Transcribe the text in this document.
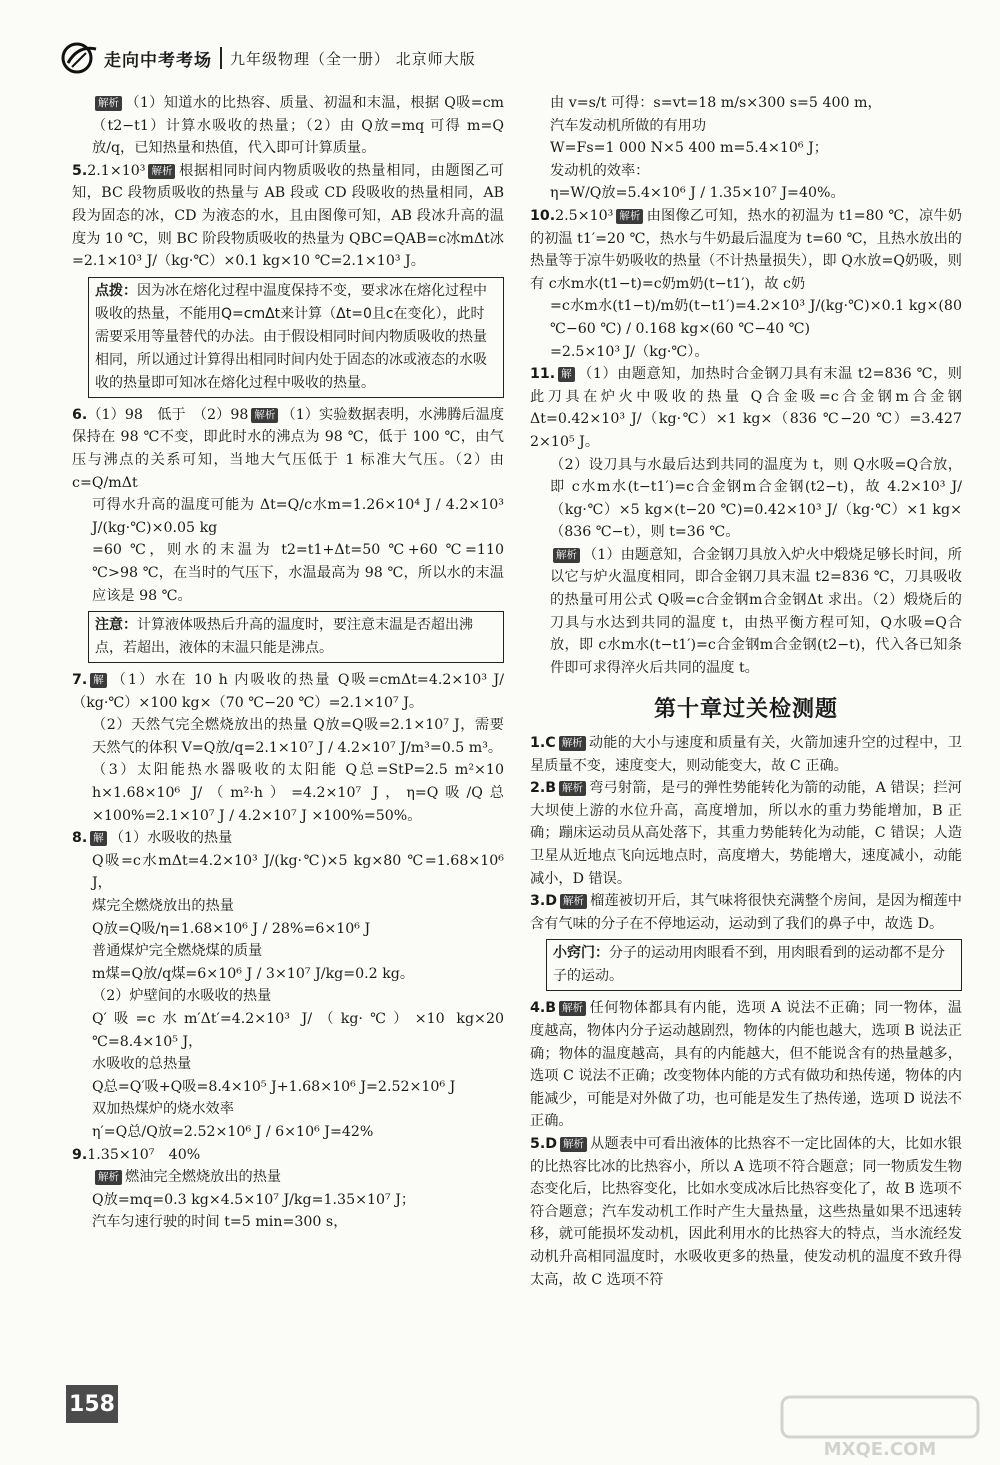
走向中考考场 九年级物理（全一册） 北京师大版

解析 （1）知道水的比热容、质量、初温和末温，根据 Q吸=cm（t2−t1）计算水吸收的热量；（2）由 Q放=mq 可得 m=Q放/q，已知热量和热值，代入即可计算质量。

5.2.1×10³ 解析 根据相同时间内物质吸收的热量相同，由题图乙可知，BC 段物质吸收的热量与 AB 段或 CD 段吸收的热量相同，AB 段为固态的冰，CD 为液态的水，且由图像可知，AB 段冰升高的温度为 10 ℃，则 BC 阶段物质吸收的热量为 QBC=QAB=c冰mΔt冰=2.1×10³ J/（kg·℃）×0.1 kg×10 ℃=2.1×10³ J。

点拨：因为冰在熔化过程中温度保持不变，要求冰在熔化过程中吸收的热量，不能用Q=cmΔt来计算（Δt=0且c在变化），此时需要采用等量替代的办法。由于假设相同时间内物质吸收的热量相同，所以通过计算得出相同时间内处于固态的冰或液态的水吸收的热量即可知冰在熔化过程中吸收的热量。

6.（1）98　低于　（2）98 解析 （1）实验数据表明，水沸腾后温度保持在 98 ℃不变，即此时水的沸点为 98 ℃，低于 100 ℃，由气压与沸点的关系可知，当地大气压低于 1 标准大气压。（2）由 c=Q/mΔt

可得水升高的温度可能为 Δt=Q/c水m=1.26×10⁴ J / 4.2×10³ J/(kg·℃)×0.05 kg

=60 ℃，则水的末温为 t2=t1+Δt=50 ℃+60 ℃=110 ℃>98 ℃，在当时的气压下，水温最高为 98 ℃，所以水的末温应该是 98 ℃。

注意：计算液体吸热后升高的温度时，要注意末温是否超出沸点，若超出，液体的末温只能是沸点。

7. 解 （1）水在 10 h 内吸收的热量 Q吸=cmΔt=4.2×10³ J/（kg·℃）×100 kg×（70 ℃−20 ℃）=2.1×10⁷ J。

（2）天然气完全燃烧放出的热量 Q放=Q吸=2.1×10⁷ J，需要天然气的体积 V=Q放/q=2.1×10⁷ J / 4.2×10⁷ J/m³=0.5 m³。

（3）太阳能热水器吸收的太阳能 Q总=StP=2.5 m²×10 h×1.68×10⁶ J/（m²·h）=4.2×10⁷ J，η=Q吸/Q总×100%=2.1×10⁷ J / 4.2×10⁷ J ×100%=50%。

8. 解 （1）水吸收的热量

Q吸=c水mΔt=4.2×10³ J/(kg·℃)×5 kg×80 ℃=1.68×10⁶ J，

煤完全燃烧放出的热量

Q放=Q吸/η=1.68×10⁶ J / 28%=6×10⁶ J

普通煤炉完全燃烧煤的质量

m煤=Q放/q煤=6×10⁶ J / 3×10⁷ J/kg=0.2 kg。

（2）炉壁间的水吸收的热量

Q′吸=c水m′Δt′=4.2×10³ J/（kg·℃）×10 kg×20 ℃=8.4×10⁵ J，

水吸收的总热量

Q总=Q′吸+Q吸=8.4×10⁵ J+1.68×10⁶ J=2.52×10⁶ J

双加热煤炉的烧水效率

η′=Q总/Q放=2.52×10⁶ J / 6×10⁶ J=42%

9.1.35×10⁷　40%

解析 燃油完全燃烧放出的热量

Q放=mq=0.3 kg×4.5×10⁷ J/kg=1.35×10⁷ J；

汽车匀速行驶的时间 t=5 min=300 s，

由 v=s/t 可得：s=vt=18 m/s×300 s=5 400 m，

汽车发动机所做的有用功

W=Fs=1 000 N×5 400 m=5.4×10⁶ J；

发动机的效率：

η=W/Q放=5.4×10⁶ J / 1.35×10⁷ J=40%。

10.2.5×10³ 解析 由图像乙可知，热水的初温为 t1=80 ℃，凉牛奶的初温 t1′=20 ℃，热水与牛奶最后温度为 t=60 ℃，且热水放出的热量等于凉牛奶吸收的热量（不计热量损失），即 Q水放=Q奶吸，则有 c水m水(t1−t)=c奶m奶(t−t1′)，故 c奶

=c水m水(t1−t)/m奶(t−t1′)=4.2×10³ J/(kg·℃)×0.1 kg×(80 ℃−60 ℃) / 0.168 kg×(60 ℃−40 ℃)

=2.5×10³ J/（kg·℃）。

11. 解 （1）由题意知，加热时合金钢刀具有末温 t2=836 ℃，则此刀具在炉火中吸收的热量 Q合金吸=c合金钢m合金钢Δt=0.42×10³ J/（kg·℃）×1 kg×（836 ℃−20 ℃）=3.427 2×10⁵ J。

（2）设刀具与水最后达到共同的温度为 t，则 Q水吸=Q合放，即 c水m水(t−t1′)=c合金钢m合金钢(t2−t)，故 4.2×10³ J/（kg·℃）×5 kg×(t−20 ℃)=0.42×10³ J/（kg·℃）×1 kg×（836 ℃−t），则 t=36 ℃。

解析 （1）由题意知，合金钢刀具放入炉火中煅烧足够长时间，所以它与炉火温度相同，即合金钢刀具末温 t2=836 ℃，刀具吸收的热量可用公式 Q吸=c合金钢m合金钢Δt 求出。（2）煅烧后的刀具与水达到共同的温度 t，由热平衡方程可知，Q水吸=Q合放，即 c水m水(t−t1′)=c合金钢m合金钢(t2−t)，代入各已知条件即可求得淬火后共同的温度 t。

第十章过关检测题

1.C 解析 动能的大小与速度和质量有关，火箭加速升空的过程中，卫星质量不变，速度变大，则动能变大，故 C 正确。

2.B 解析 弯弓射箭，是弓的弹性势能转化为箭的动能，A 错误；拦河大坝使上游的水位升高，高度增加，所以水的重力势能增加，B 正确；蹦床运动员从高处落下，其重力势能转化为动能，C 错误；人造卫星从近地点飞向远地点时，高度增大，势能增大，速度减小，动能减小，D 错误。

3.D 解析 榴莲被切开后，其气味将很快充满整个房间，是因为榴莲中含有气味的分子在不停地运动，运动到了我们的鼻子中，故选 D。

小窍门：分子的运动用肉眼看不到，用肉眼看到的运动都不是分子的运动。

4.B 解析 任何物体都具有内能，选项 A 说法不正确；同一物体，温度越高，物体内分子运动越剧烈，物体的内能也越大，选项 B 说法正确；物体的温度越高，具有的内能越大，但不能说含有的热量越多，选项 C 说法不正确；改变物体内能的方式有做功和热传递，物体的内能减少，可能是对外做了功，也可能是发生了热传递，选项 D 说法不正确。

5.D 解析 从题表中可看出液体的比热容不一定比固体的大，比如水银的比热容比冰的比热容小，所以 A 选项不符合题意；同一物质发生物态变化后，比热容变化，比如水变成冰后比热容变化了，故 B 选项不符合题意；汽车发动机工作时产生大量热量，这些热量如果不迅速转移，就可能损坏发动机，因此利用水的比热容大的特点，当水流经发动机升高相同温度时，水吸收更多的热量，使发动机的温度不致升得太高，故 C 选项不符

158
MXQE.COM
